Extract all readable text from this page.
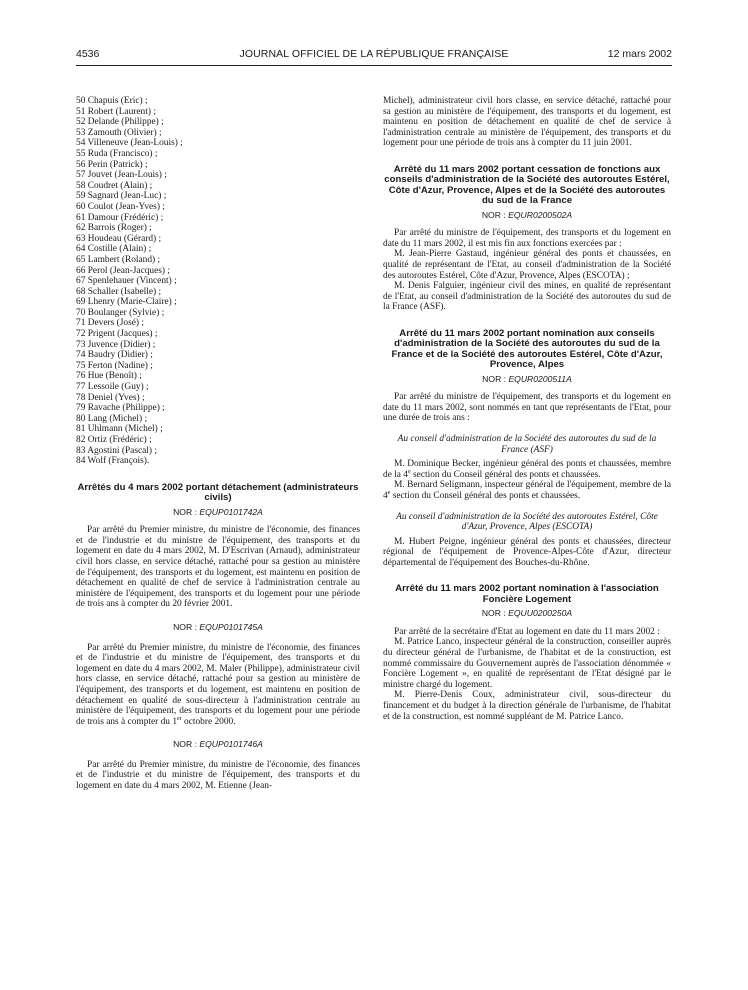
4536	JOURNAL OFFICIEL DE LA RÉPUBLIQUE FRANÇAISE	12 mars 2002
50 Chapuis (Eric) ;
51 Robert (Laurent) ;
52 Delande (Philippe) ;
53 Zamouth (Olivier) ;
54 Villeneuve (Jean-Louis) ;
55 Ruda (Francisco) ;
56 Perin (Patrick) ;
57 Jouvet (Jean-Louis) ;
58 Coudret (Alain) ;
59 Sagnard (Jean-Luc) ;
60 Coulot (Jean-Yves) ;
61 Damour (Frédéric) ;
62 Barrois (Roger) ;
63 Houdeau (Gérard) ;
64 Costille (Alain) ;
65 Lambert (Roland) ;
66 Perol (Jean-Jacques) ;
67 Spenlehauer (Vincent) ;
68 Schaller (Isabelle) ;
69 Lhenry (Marie-Claire) ;
70 Boulanger (Sylvie) ;
71 Devers (José) ;
72 Prigent (Jacques) ;
73 Juvence (Didier) ;
74 Baudry (Didier) ;
75 Ferton (Nadine) ;
76 Hue (Benoît) ;
77 Lessoile (Guy) ;
78 Deniel (Yves) ;
79 Ravache (Philippe) ;
80 Lang (Michel) ;
81 Uhlmann (Michel) ;
82 Ortiz (Frédéric) ;
83 Agostini (Pascal) ;
84 Wolf (François).
Arrêtés du 4 mars 2002 portant détachement (administrateurs civils)
NOR : EQUP0101742A

Par arrêté du Premier ministre, du ministre de l'économie, des finances et de l'industrie et du ministre de l'équipement, des transports et du logement en date du 4 mars 2002, M. D'Escrivan (Arnaud), administrateur civil hors classe, en service détaché, rattaché pour sa gestion au ministère de l'équipement, des transports et du logement, est maintenu en position de détachement en qualité de chef de service à l'administration centrale au ministère de l'équipement, des transports et du logement pour une période de trois ans à compter du 20 février 2001.

NOR : EQUP0101745A

Par arrêté du Premier ministre, du ministre de l'économie, des finances et de l'industrie et du ministre de l'équipement, des transports et du logement en date du 4 mars 2002, M. Maler (Philippe), administrateur civil hors classe, en service détaché, rattaché pour sa gestion au ministère de l'équipement, des transports et du logement, est maintenu en position de détachement en qualité de sous-directeur à l'administration centrale au ministère de l'équipement, des transports et du logement pour une période de trois ans à compter du 1er octobre 2000.

NOR : EQUP0101746A

Par arrêté du Premier ministre, du ministre de l'économie, des finances et de l'industrie et du ministre de l'équipement, des transports et du logement en date du 4 mars 2002, M. Etienne (Jean-

Michel), administrateur civil hors classe, en service détaché, rattaché pour sa gestion au ministère de l'équipement, des transports et du logement, est maintenu en position de détachement en qualité de chef de service à l'administration centrale au ministère de l'équipement, des transports et du logement pour une période de trois ans à compter du 11 juin 2001.

Arrêté du 11 mars 2002 portant cessation de fonctions aux conseils d'administration de la Société des autoroutes Estérel, Côte d'Azur, Provence, Alpes et de la Société des autoroutes du sud de la France
NOR : EQUR0200502A

Par arrêté du ministre de l'équipement, des transports et du logement en date du 11 mars 2002, il est mis fin aux fonctions exercées par :

M. Jean-Pierre Gastaud, ingénieur général des ponts et chaussées, en qualité de représentant de l'Etat, au conseil d'administration de la Société des autoroutes Estérel, Côte d'Azur, Provence, Alpes (ESCOTA) ;

M. Denis Falguier, ingénieur civil des mines, en qualité de représentant de l'Etat, au conseil d'administration de la Société des autoroutes du sud de la France (ASF).

Arrêté du 11 mars 2002 portant nomination aux conseils d'administration de la Société des autoroutes du sud de la France et de la Société des autoroutes Estérel, Côte d'Azur, Provence, Alpes
NOR : EQUR0200511A

Par arrêté du ministre de l'équipement, des transports et du logement en date du 11 mars 2002, sont nommés en tant que représentants de l'Etat, pour une durée de trois ans :

Au conseil d'administration de la Société des autoroutes du sud de la France (ASF)

M. Dominique Becker, ingénieur général des ponts et chaussées, membre de la 4e section du Conseil général des ponts et chaussées.

M. Bernard Seligmann, inspecteur général de l'équipement, membre de la 4e section du Conseil général des ponts et chaussées.

Au conseil d'administration de la Société des autoroutes Estérel, Côte d'Azur, Provence, Alpes (ESCOTA)

M. Hubert Peigne, ingénieur général des ponts et chaussées, directeur régional de l'équipement de Provence-Alpes-Côte d'Azur, directeur départemental de l'équipement des Bouches-du-Rhône.

Arrêté du 11 mars 2002 portant nomination à l'association Foncière Logement
NOR : EQUU0200250A

Par arrêté de la secrétaire d'Etat au logement en date du 11 mars 2002 :

M. Patrice Lanco, inspecteur général de la construction, conseiller auprès du directeur général de l'urbanisme, de l'habitat et de la construction, est nommé commissaire du Gouvernement auprès de l'association dénommée « Foncière Logement », en qualité de représentant de l'Etat désigné par le ministre chargé du logement.

M. Pierre-Denis Coux, administrateur civil, sous-directeur du financement et du budget à la direction générale de l'urbanisme, de l'habitat et de la construction, est nommé suppléant de M. Patrice Lanco.
